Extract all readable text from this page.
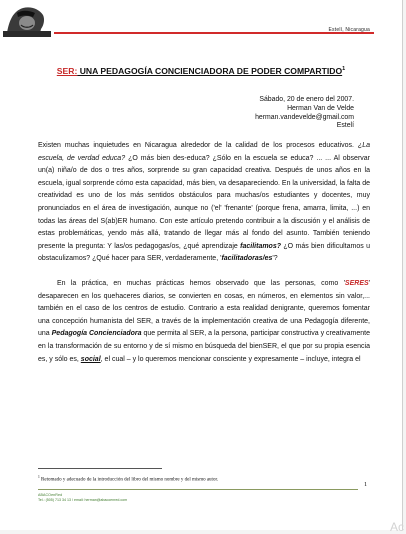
Estelí, Nicaragua
SER: UNA PEDAGOGÍA CONCIENCIADORA DE PODER COMPARTIDO$^1$
Sábado, 20 de enero del 2007.
Herman Van de Velde
herman.vandevelde@gmail.com
Estelí

Existen muchas inquietudes en Nicaragua alrededor de la calidad de los procesos educativos. ¿La escuela, de verdad educa? ¿O más bien des-educa? ¿Sólo en la escuela se educa? ... ... Al observar un(a) niña/o de dos o tres años, sorprende su gran capacidad creativa. Después de unos años en la escuela, igual sorprende cómo esta capacidad, más bien, va desapareciendo. En la universidad, la falta de creatividad es uno de los más sentidos obstáculos para muchas/os estudiantes y docentes, muy pronunciados en el área de investigación, aunque no ('el' 'frenante' (porque frena, amarra, limita, ...) en todas las áreas del S(ab)ER humano. Con este artículo pretendo contribuir a la discusión y el análisis de estas problemáticas, yendo más allá, tratando de llegar más al fondo del asunto. También teniendo presente la pregunta: Y las/os pedagogas/os, ¿qué aprendizaje facilitamos? ¿O más bien dificultamos u obstaculizamos? ¿Qué hacer para SER, verdaderamente, 'facilitadoras/es'?

En la práctica, en muchas prácticas hemos observado que las personas, como 'SERES' desaparecen en los quehaceres diarios, se convierten en cosas, en números, en elementos sin valor,... también en el caso de los centros de estudio. Contrario a esta realidad denigrante, queremos fomentar una concepción humanista del SER, a través de la implementación creativa de una Pedagogía diferente, una Pedagogía Concienciadora que permita al SER, a la persona, participar constructiva y creativamente en la transformación de su entorno y de sí mismo en búsqueda del bienSER, el que por su propia esencia es, y sólo es, social, el cual – y lo queremos mencionar consciente y expresamente – incluye, integra el

$^1$ Retomado y adecuado de la introducción del libro del mismo nombre y del mismo autor.
1
ABACOenRed
Tel.: (505) 713 34 13 / email: herman@abacoenred.com
Ac
